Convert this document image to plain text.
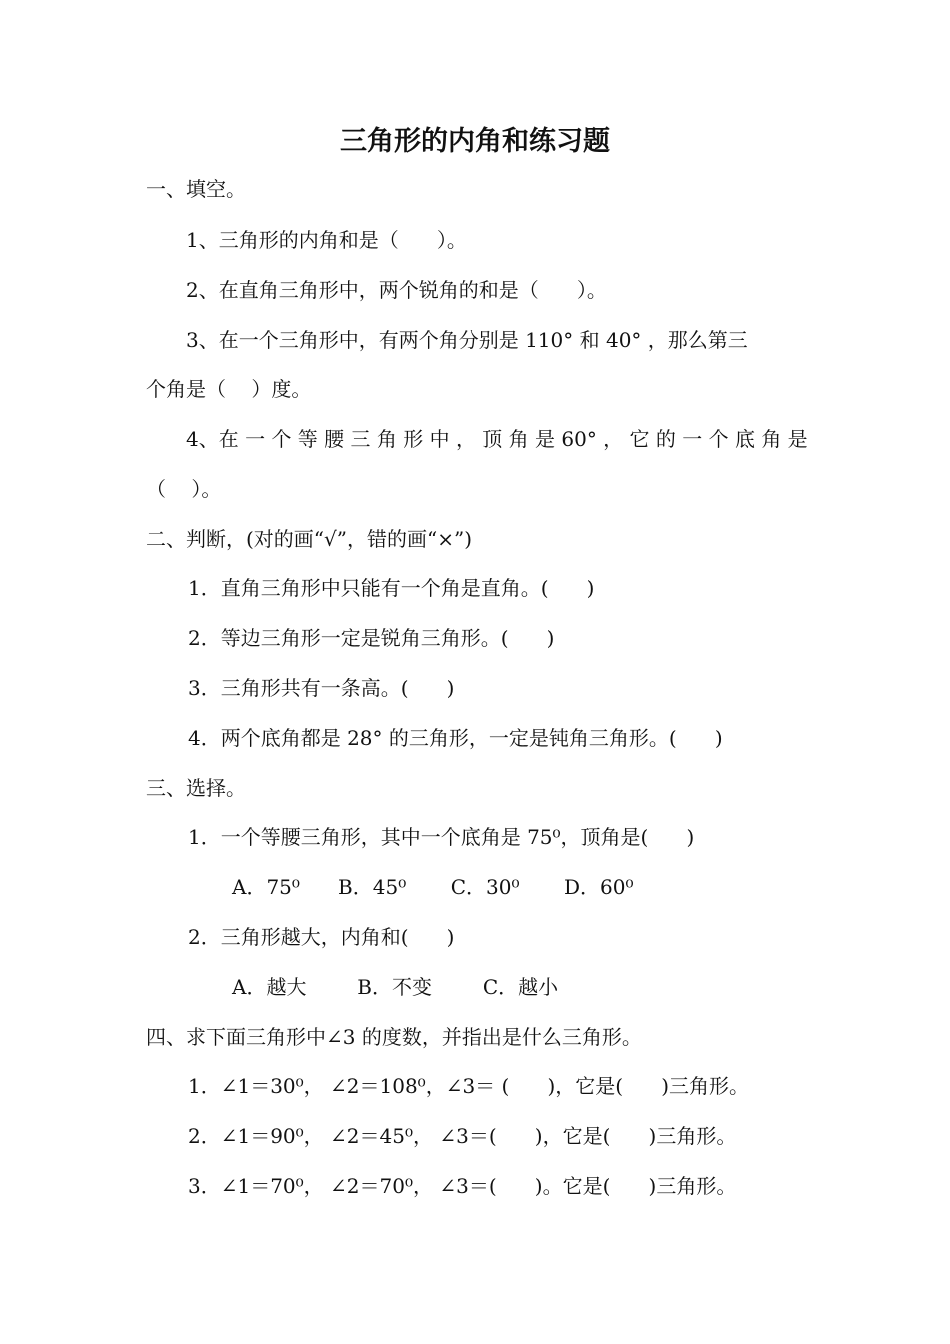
三角形的内角和练习题
一、填空。
1、三角形的内角和是（      ）。
2、在直角三角形中，两个锐角的和是（      ）。
3、在一个三角形中，有两个角分别是 110° 和 40° ，那么第三
个角是（    ）度。
4、在 一 个 等 腰 三 角 形 中 ， 顶 角 是 60° ， 它 的 一 个 底 角 是
（    ）。
二、判断，(对的画“√”，错的画“×”)
1．直角三角形中只能有一个角是直角。(      )
2．等边三角形一定是锐角三角形。(      )
3．三角形共有一条高。(      )
4．两个底角都是 28° 的三角形，一定是钝角三角形。(      )
三、选择。
1．一个等腰三角形，其中一个底角是 75⁰，顶角是(      )
A．75⁰      B．45⁰       C．30⁰       D．60⁰
2．三角形越大，内角和(      )
A．越大        B．不变        C．越小
四、求下面三角形中∠3 的度数，并指出是什么三角形。
1．∠1＝30⁰， ∠2＝108⁰，∠3＝ (      )，它是(      )三角形。
2．∠1＝90⁰， ∠2＝45⁰， ∠3＝(      )，它是(      )三角形。
3．∠1＝70⁰， ∠2＝70⁰， ∠3＝(      )。它是(      )三角形。
